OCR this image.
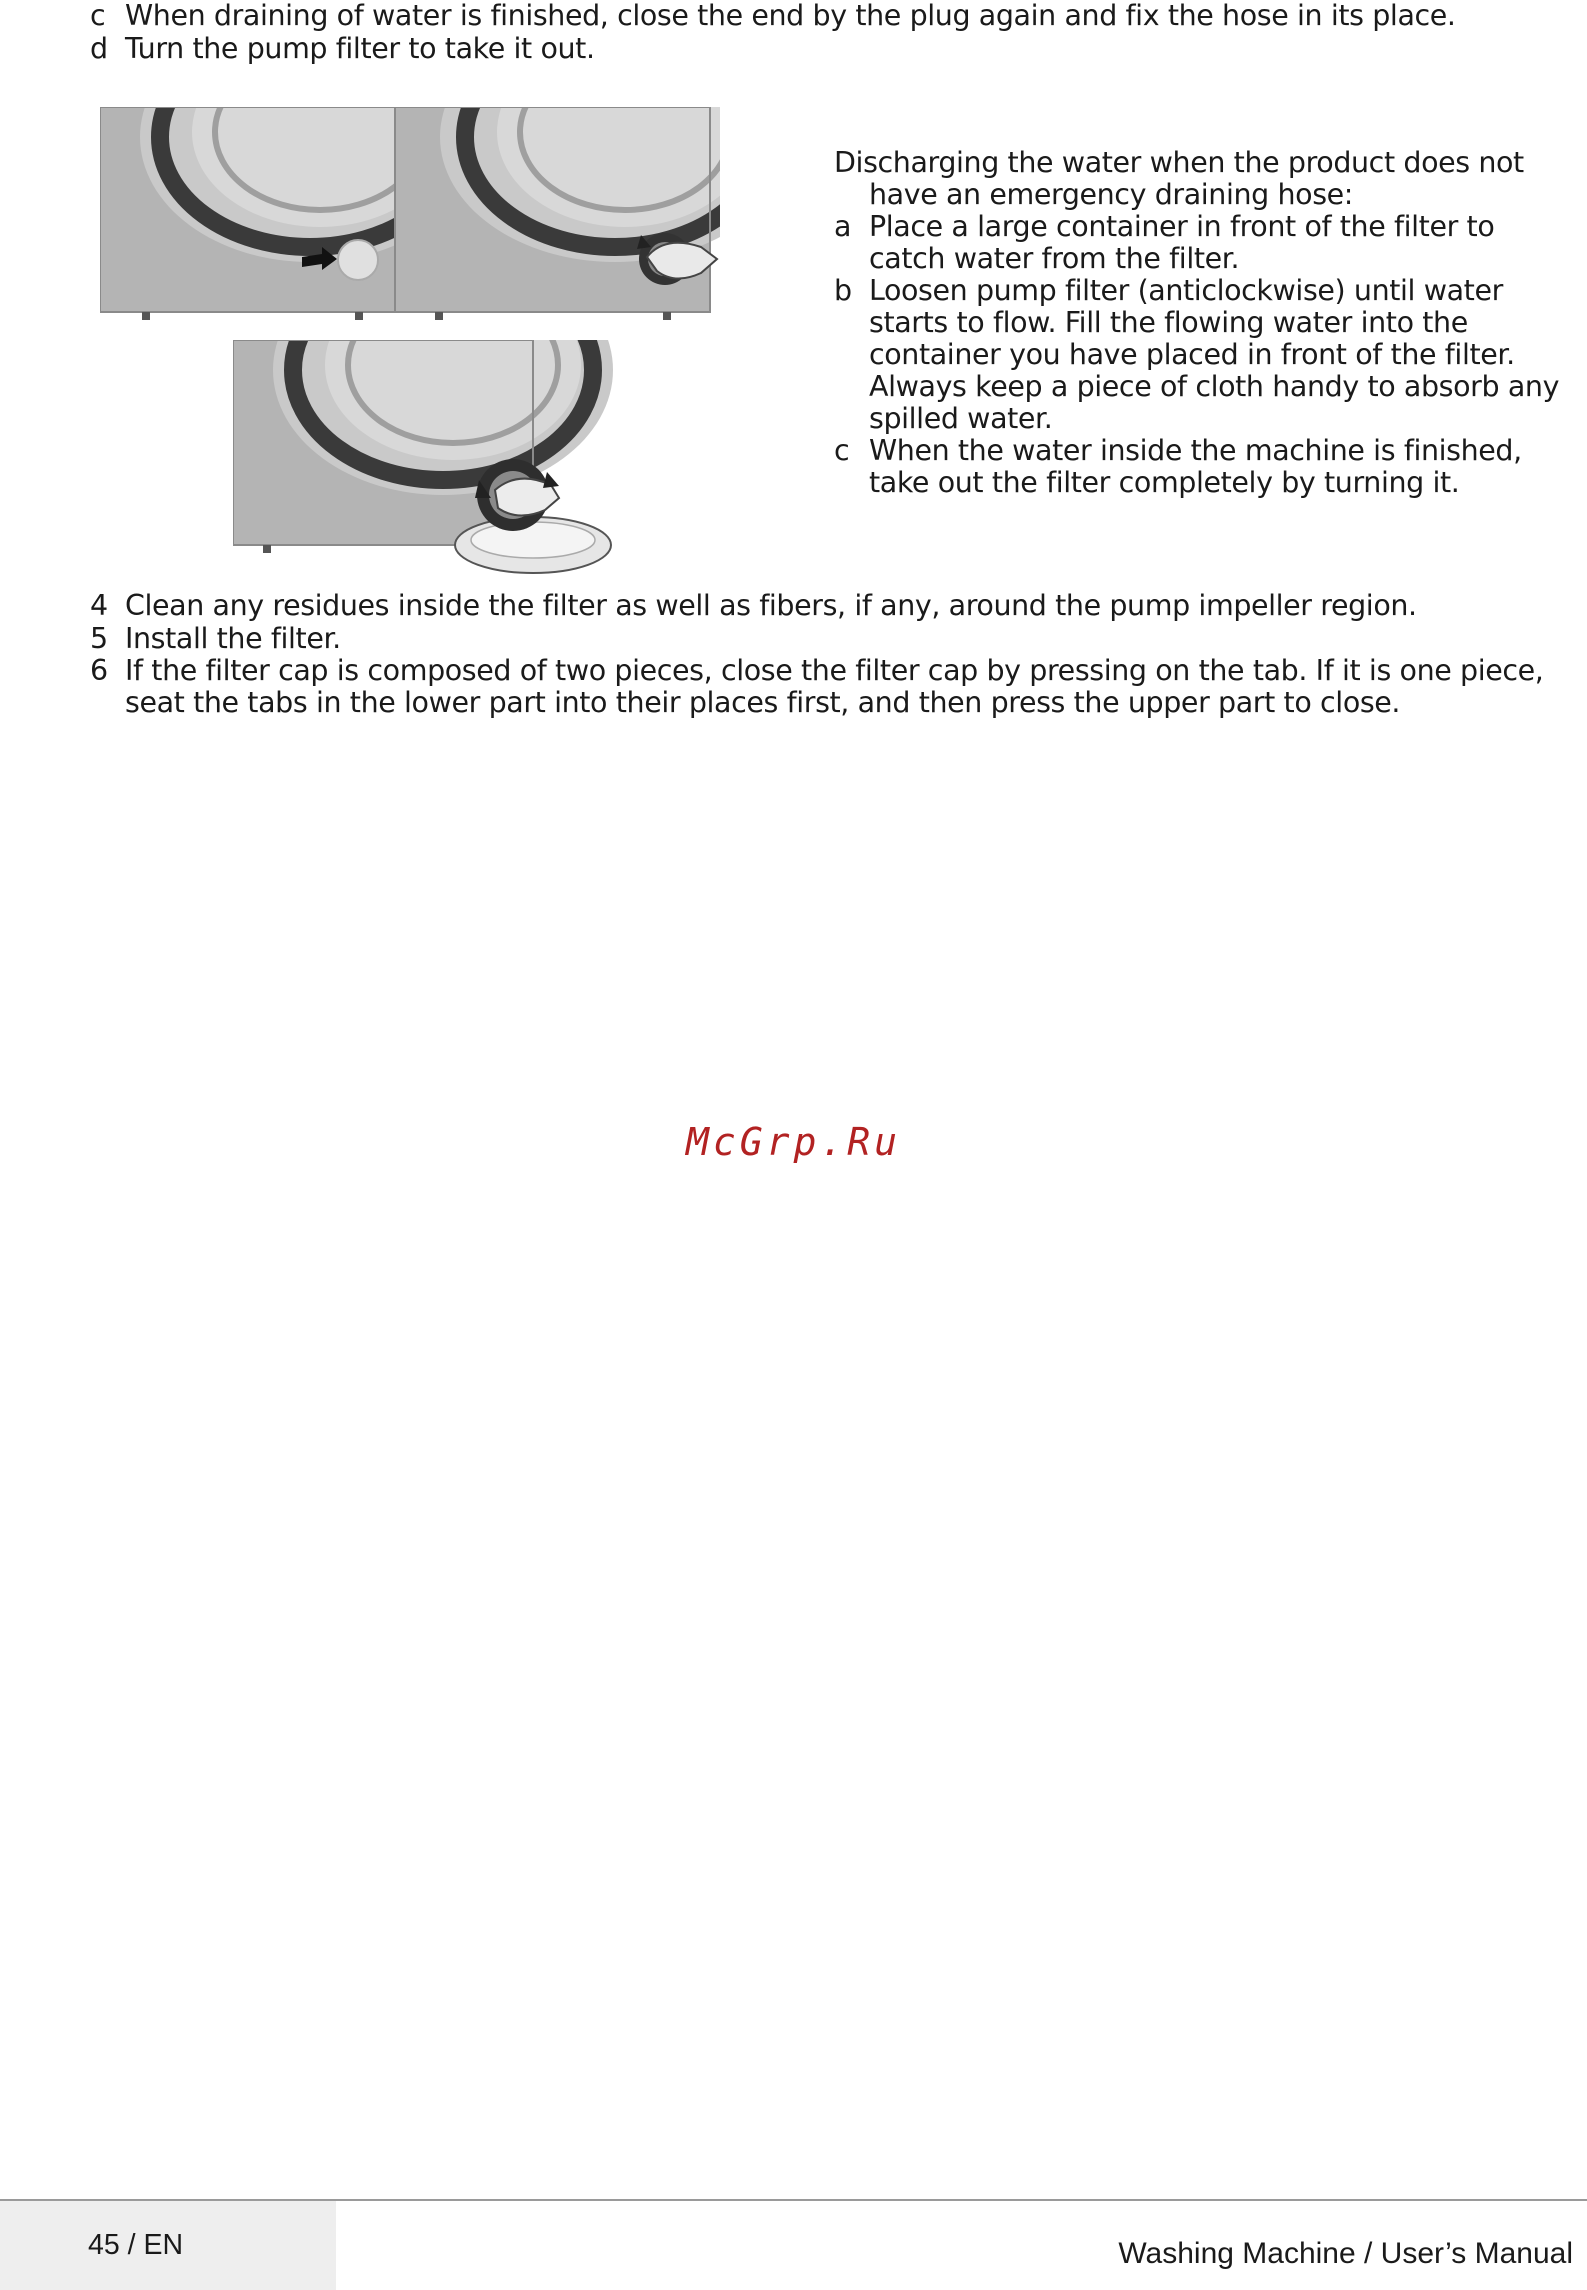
c When draining of water is finished, close the end by the plug again and fix the hose in its place.
d Turn the pump filter to take it out.
Discharging the water when the product does not have an emergency draining hose:
a Place a large container in front of the filter to catch water from the filter.
b Loosen pump filter (anticlockwise) until water starts to flow. Fill the flowing water into the container you have placed in front of the filter. Always keep a piece of cloth handy to absorb any spilled water.
c When the water inside the machine is finished, take out the filter completely by turning it.
4 Clean any residues inside the filter as well as fibers, if any, around the pump impeller region.
5 Install the filter.
6 If the filter cap is composed of two pieces, close the filter cap by pressing on the tab. If it is one piece, seat the tabs in the lower part into their places first, and then press the upper part to close.
McGrp.Ru
45 / EN	Washing Machine / User’s Manual
